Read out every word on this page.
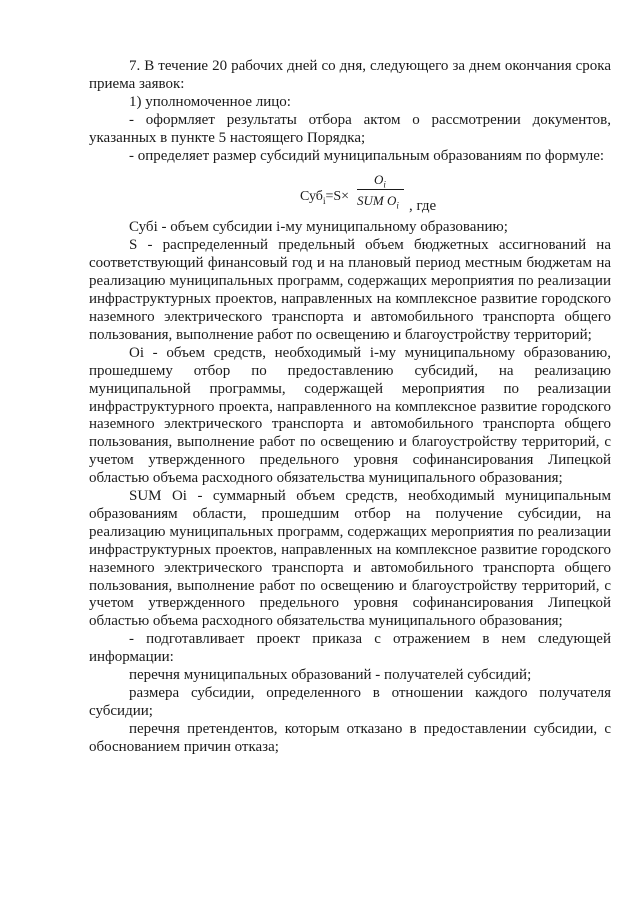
7. В течение 20 рабочих дней со дня, следующего за днем окончания срока приема заявок:

1) уполномоченное лицо:

- оформляет результаты отбора актом о рассмотрении документов, указанных в пункте 5 настоящего Порядка;

- определяет размер субсидий муниципальным образованиям по формуле:

Суб$_i$=S×
$O_i$
SUM $O_i$ , где

Субi - объем субсидии i-му муниципальному образованию;

S - распределенный предельный объем бюджетных ассигнований на соответствующий финансовый год и на плановый период местным бюджетам на реализацию муниципальных программ, содержащих мероприятия по реализации инфраструктурных проектов, направленных на комплексное развитие городского наземного электрического транспорта и автомобильного транспорта общего пользования, выполнение работ по освещению и благоустройству территорий;

Oi - объем средств, необходимый i-му муниципальному образованию, прошедшему отбор по предоставлению субсидий, на реализацию муниципальной программы, содержащей мероприятия по реализации инфраструктурного проекта, направленного на комплексное развитие городского наземного электрического транспорта и автомобильного транспорта общего пользования, выполнение работ по освещению и благоустройству территорий, с учетом утвержденного предельного уровня софинансирования Липецкой областью объема расходного обязательства муниципального образования;

SUM Oi - суммарный объем средств, необходимый муниципальным образованиям области, прошедшим отбор на получение субсидии, на реализацию муниципальных программ, содержащих мероприятия по реализации инфраструктурных проектов, направленных на комплексное развитие городского наземного электрического транспорта и автомобильного транспорта общего пользования, выполнение работ по освещению и благоустройству территорий, с учетом утвержденного предельного уровня софинансирования Липецкой областью объема расходного обязательства муниципального образования;

- подготавливает проект приказа с отражением в нем следующей информации:

перечня муниципальных образований - получателей субсидий;

размера субсидии, определенного в отношении каждого получателя субсидии;

перечня претендентов, которым отказано в предоставлении субсидии, с обоснованием причин отказа;
